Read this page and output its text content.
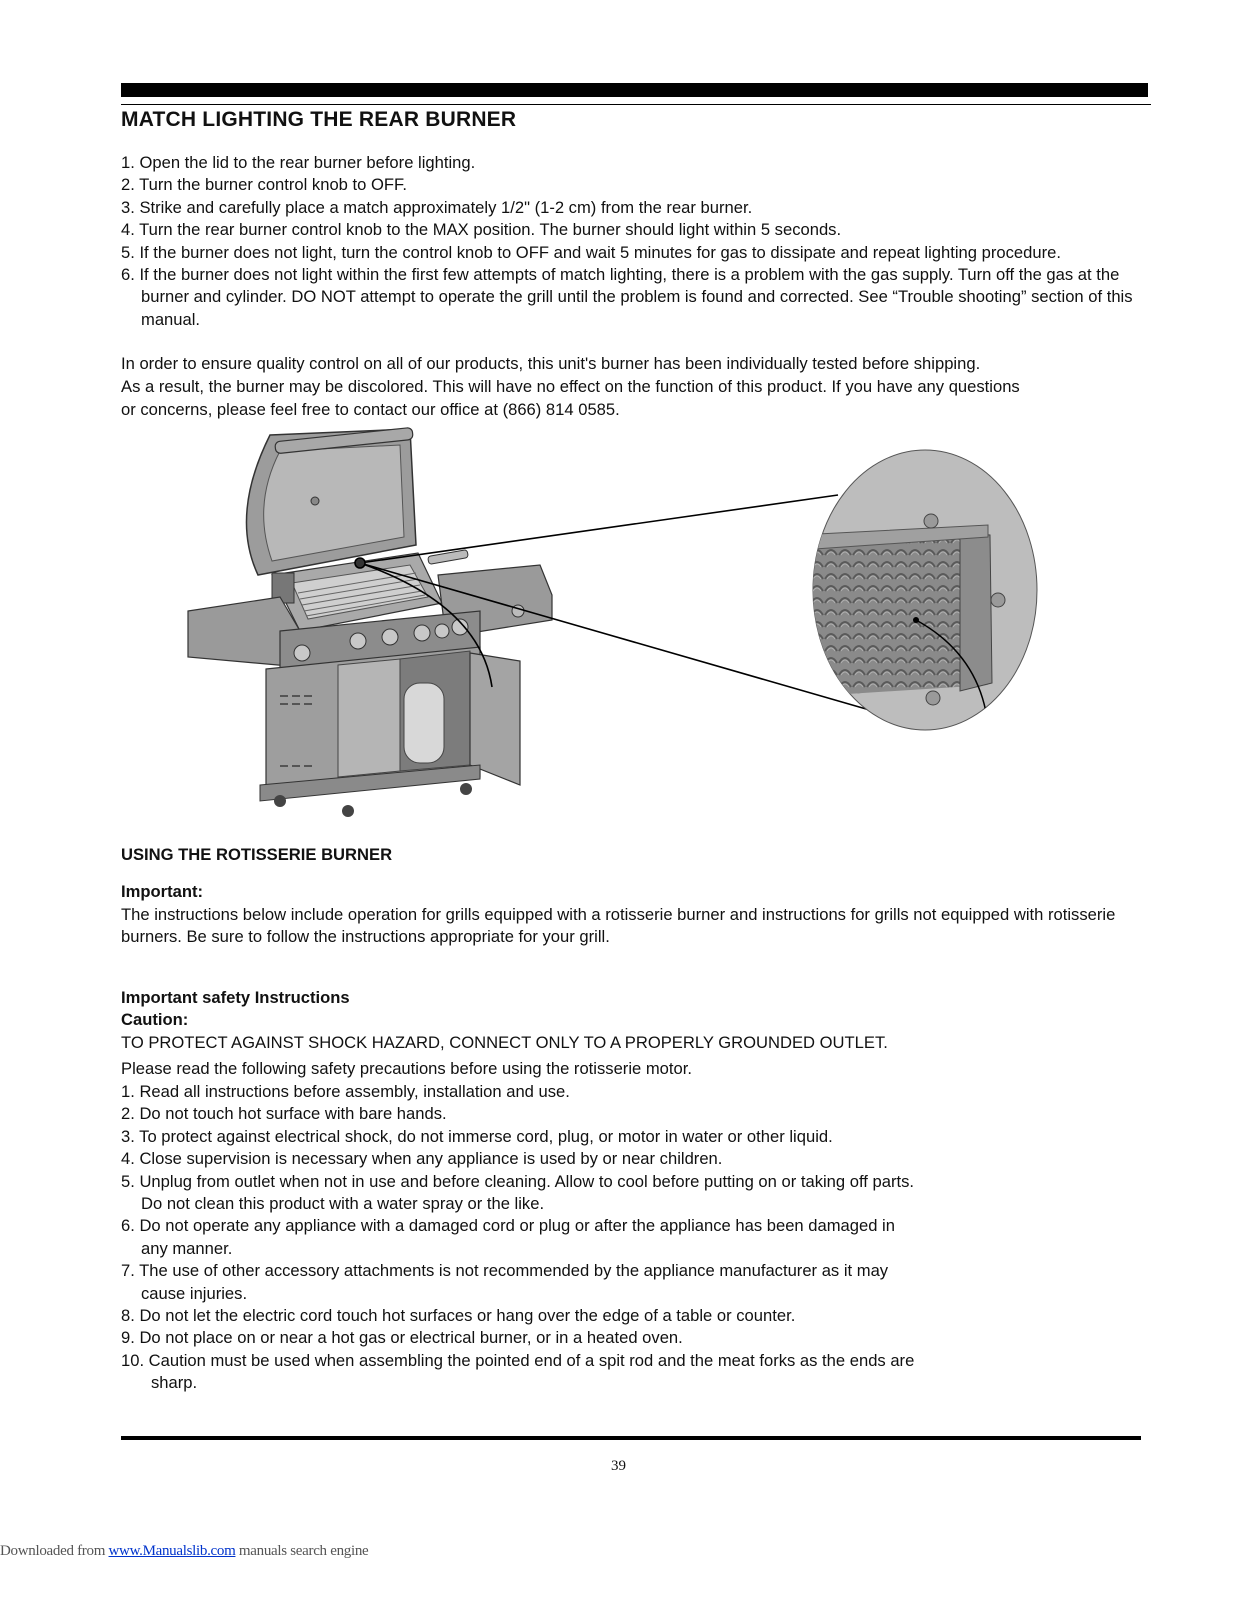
MATCH LIGHTING THE REAR BURNER
1. Open the lid to the rear burner before lighting.
2. Turn the burner control knob to OFF.
3. Strike and carefully place a match approximately 1/2" (1-2 cm) from the rear burner.
4. Turn the rear burner control knob to the MAX position. The burner should light within 5 seconds.
5. If the burner does not light, turn the control knob to OFF and wait 5 minutes for gas to dissipate and repeat lighting procedure.
6. If the burner does not light within the first few attempts of match lighting, there is a problem with the gas supply. Turn off the gas at the burner and cylinder. DO NOT attempt to operate the grill until the problem is found and corrected. See “Trouble shooting” section of this manual.

In order to ensure quality control on all of our products, this unit's burner has been individually tested before shipping.

As a result, the burner may be discolored. This will have no effect on the function of this product. If you have any questions

or concerns, please feel free to contact our office at (866) 814 0585.

USING THE ROTISSERIE BURNER
Important:

The instructions below include operation for grills equipped with a rotisserie burner and instructions for grills not equipped with rotisserie burners. Be sure to follow the instructions appropriate for your grill.

Important safety Instructions
Caution:
TO PROTECT AGAINST SHOCK HAZARD, CONNECT ONLY TO A PROPERLY GROUNDED OUTLET.
Please read the following safety precautions before using the rotisserie motor.
1. Read all instructions before assembly, installation and use.
2. Do not touch hot surface with bare hands.
3. To protect against electrical shock, do not immerse cord, plug, or motor in water or other liquid.
4. Close supervision is necessary when any appliance is used by or near children.
5. Unplug from outlet when not in use and before cleaning. Allow to cool before putting on or taking off parts. Do not clean this product with a water spray or the like.
6. Do not operate any appliance with a damaged cord or plug or after the appliance has been damaged in any manner.
7. The use of other accessory attachments is not recommended by the appliance manufacturer as it may cause injuries.
8. Do not let the electric cord touch hot surfaces or hang over the edge of a table or counter.
9. Do not place on or near a hot gas or electrical burner, or in a heated oven.
10. Caution must be used when assembling the pointed end of a spit rod and the meat forks as the ends are sharp.
39
Downloaded from www.Manualslib.com manuals search engine
